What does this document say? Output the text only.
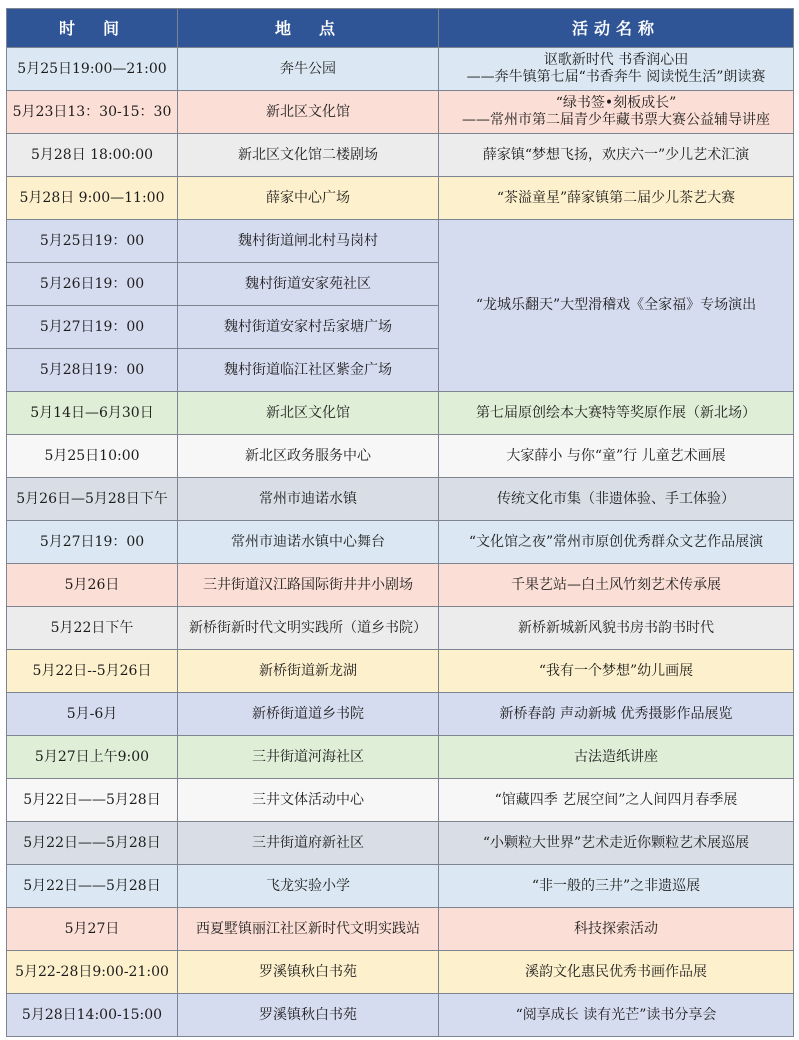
时　间	地　点	活动名称
5月25日19:00—21:00	奔牛公园	讴歌新时代 书香润心田
——奔牛镇第七届“书香奔牛 阅读悦生活”朗读赛

5月23日13：30-15：30	新北区文化馆	“绿书签•刻板成长”
——常州市第二届青少年藏书票大赛公益辅导讲座

5月28日 18:00:00	新北区文化馆二楼剧场	薛家镇“梦想飞扬，欢庆六一”少儿艺术汇演
5月28日 9:00—11:00	薛家中心广场	“茶溢童星”薛家镇第二届少儿茶艺大赛
5月25日19：00	魏村街道闸北村马岗村	“龙城乐翻天”大型滑稽戏《全家福》专场演出
5月26日19：00	魏村街道安家苑社区	
5月27日19：00	魏村街道安家村岳家塘广场	
5月28日19：00	魏村街道临江社区紫金广场	
5月14日—6月30日	新北区文化馆	第七届原创绘本大赛特等奖原作展（新北场）
5月25日10:00	新北区政务服务中心	大家薛小 与你“童”行 儿童艺术画展
5月26日—5月28日下午	常州市迪诺水镇	传统文化市集（非遗体验、手工体验）
5月27日19：00	常州市迪诺水镇中心舞台	“文化馆之夜”常州市原创优秀群众文艺作品展演
5月26日	三井街道汉江路国际街井井小剧场	千果艺站—白土风竹刻艺术传承展
5月22日下午	新桥街新时代文明实践所（道乡书院）	新桥新城新风貌书房书韵书时代
5月22日--5月26日	新桥街道新龙湖	“我有一个梦想”幼儿画展
5月-6月	新桥街道道乡书院	新桥春韵 声动新城 优秀摄影作品展览
5月27日上午9:00	三井街道河海社区	古法造纸讲座
5月22日——5月28日	三井文体活动中心	“馆藏四季 艺展空间”之人间四月春季展
5月22日——5月28日	三井街道府新社区	“小颗粒大世界”艺术走近你颗粒艺术展巡展
5月22日——5月28日	飞龙实验小学	“非一般的三井”之非遗巡展
5月27日	西夏墅镇丽江社区新时代文明实践站	科技探索活动
5月22-28日9:00-21:00	罗溪镇秋白书苑	溪韵文化惠民优秀书画作品展
5月28日14:00-15:00	罗溪镇秋白书苑	“阅享成长 读有光芒”读书分享会
